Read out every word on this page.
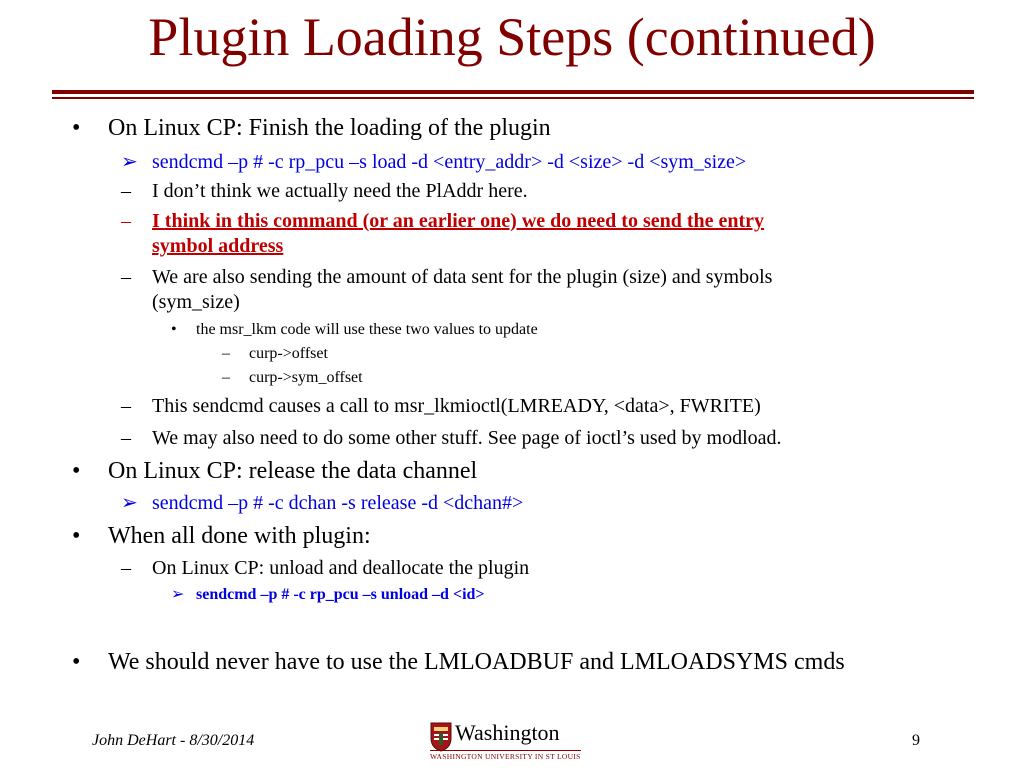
Plugin Loading Steps (continued)
• On Linux CP: Finish the loading of the plugin
➢ sendcmd –p # -c rp_pcu –s load -d <entry_addr> -d <size> -d <sym_size>
– I don’t think we actually need the PlAddr here.
– I think in this command (or an earlier one) we do need to send the entry
symbol address
– We are also sending the amount of data sent for the plugin (size) and symbols
(sym_size)
• the msr_lkm code will use these two values to update
– curp->offset
– curp->sym_offset
– This sendcmd causes a call to msr_lkmioctl(LMREADY, <data>, FWRITE)
– We may also need to do some other stuff. See page of ioctl’s used by modload.
• On Linux CP: release the data channel
➢ sendcmd –p # -c dchan -s release -d <dchan#>
• When all done with plugin:
– On Linux CP: unload and deallocate the plugin
➢ sendcmd –p # -c rp_pcu –s unload –d <id>
• We should never have to use the LMLOADBUF and LMLOADSYMS cmds
John DeHart - 8/30/2014	Washington
WASHINGTON UNIVERSITY IN ST LOUIS
9
